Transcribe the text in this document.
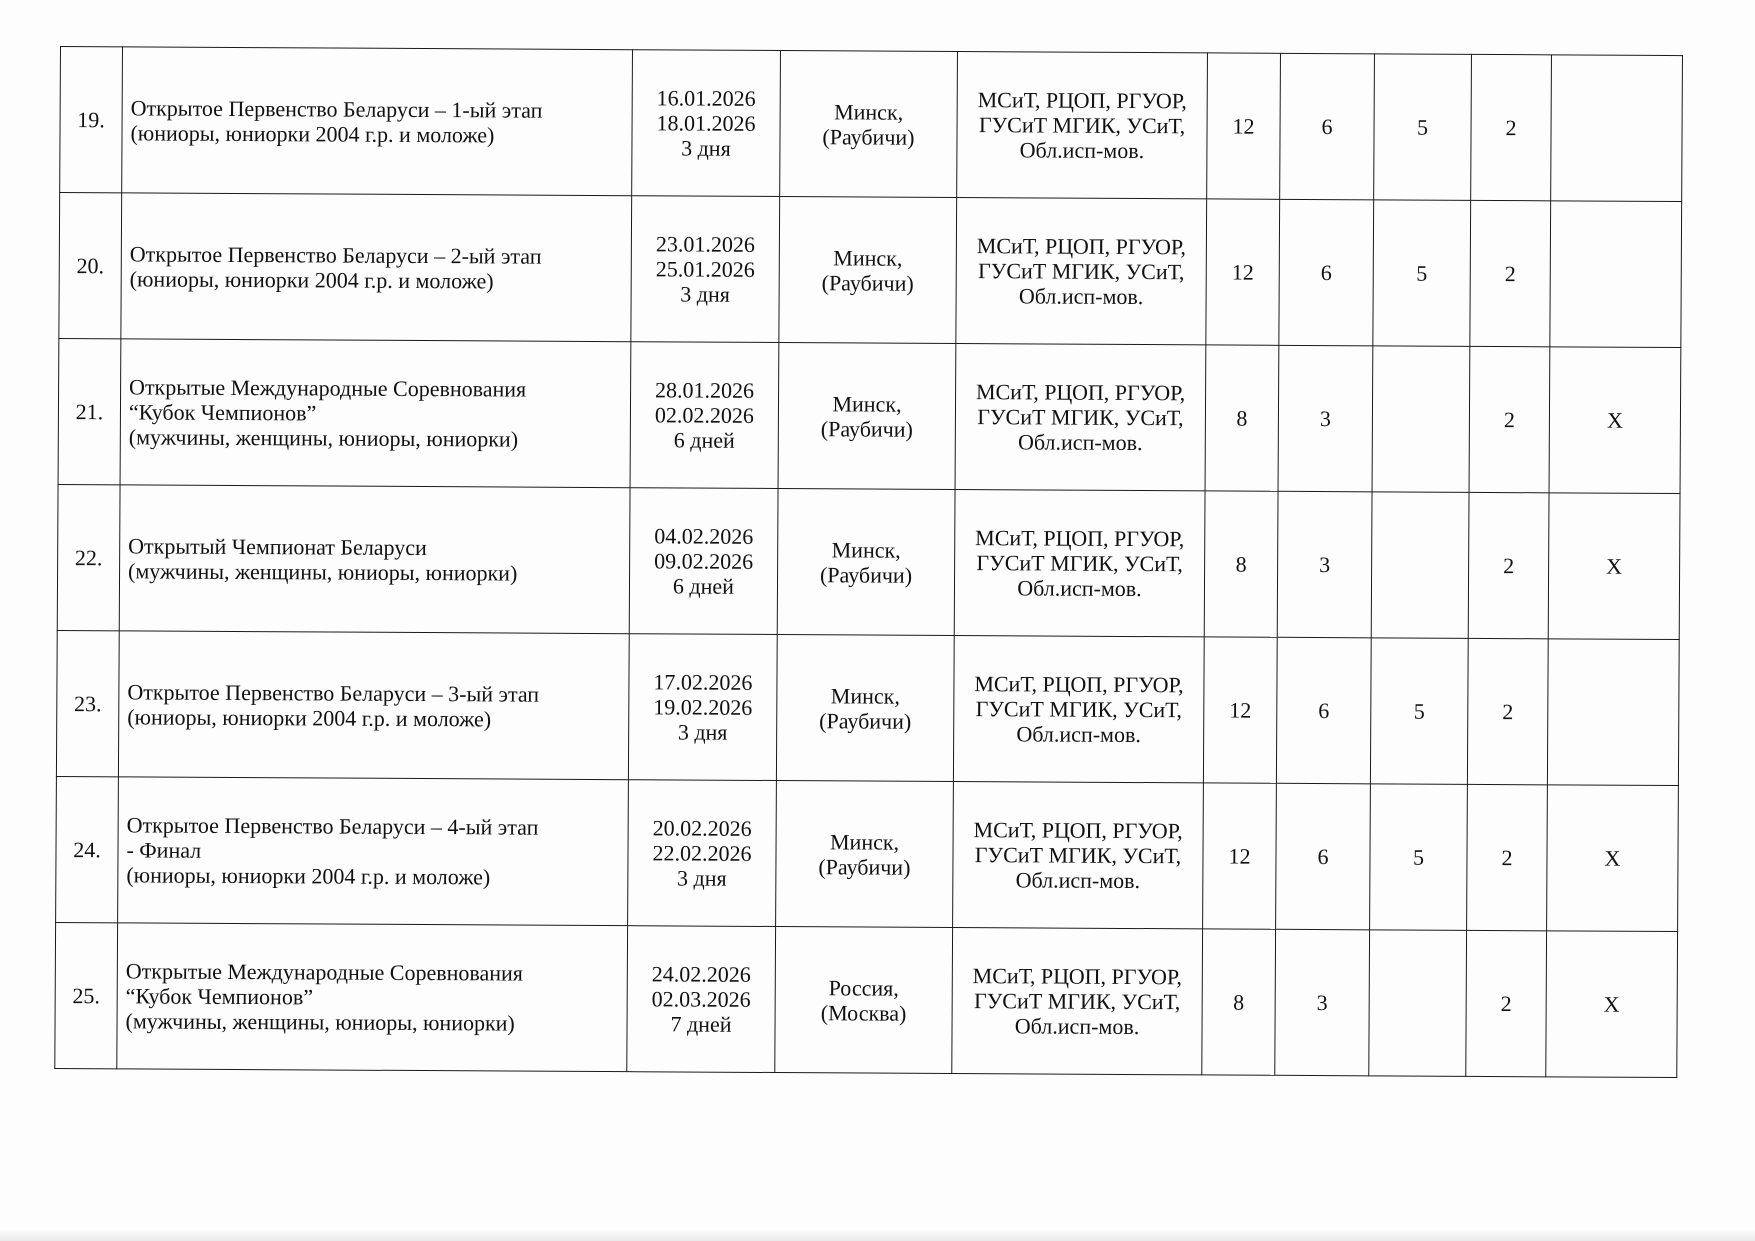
19.	Открытое Первенство Беларуси – 1-ый этап
(юниоры, юниорки 2004 г.р. и моложе)	16.01.2026
18.01.2026
3 дня	Минск,
(Раубичи)	МСиТ, РЦОП, РГУОР,
ГУСиТ МГИК, УСиТ,
Обл.исп-мов.	12	6	5	2	
20.	Открытое Первенство Беларуси – 2-ый этап
(юниоры, юниорки 2004 г.р. и моложе)	23.01.2026
25.01.2026
3 дня	Минск,
(Раубичи)	МСиТ, РЦОП, РГУОР,
ГУСиТ МГИК, УСиТ,
Обл.исп-мов.	12	6	5	2	
21.	Открытые Международные Соревнования
“Кубок Чемпионов”
(мужчины, женщины, юниоры, юниорки)	28.01.2026
02.02.2026
6 дней	Минск,
(Раубичи)	МСиТ, РЦОП, РГУОР,
ГУСиТ МГИК, УСиТ,
Обл.исп-мов.	8	3		2	X
22.	Открытый Чемпионат Беларуси
(мужчины, женщины, юниоры, юниорки)	04.02.2026
09.02.2026
6 дней	Минск,
(Раубичи)	МСиТ, РЦОП, РГУОР,
ГУСиТ МГИК, УСиТ,
Обл.исп-мов.	8	3		2	X
23.	Открытое Первенство Беларуси – 3-ый этап
(юниоры, юниорки 2004 г.р. и моложе)	17.02.2026
19.02.2026
3 дня	Минск,
(Раубичи)	МСиТ, РЦОП, РГУОР,
ГУСиТ МГИК, УСиТ,
Обл.исп-мов.	12	6	5	2	
24.	Открытое Первенство Беларуси – 4-ый этап
- Финал
(юниоры, юниорки 2004 г.р. и моложе)	20.02.2026
22.02.2026
3 дня	Минск,
(Раубичи)	МСиТ, РЦОП, РГУОР,
ГУСиТ МГИК, УСиТ,
Обл.исп-мов.	12	6	5	2	X
25.	Открытые Международные Соревнования
“Кубок Чемпионов”
(мужчины, женщины, юниоры, юниорки)	24.02.2026
02.03.2026
7 дней	Россия,
(Москва)	МСиТ, РЦОП, РГУОР,
ГУСиТ МГИК, УСиТ,
Обл.исп-мов.	8	3		2	X
